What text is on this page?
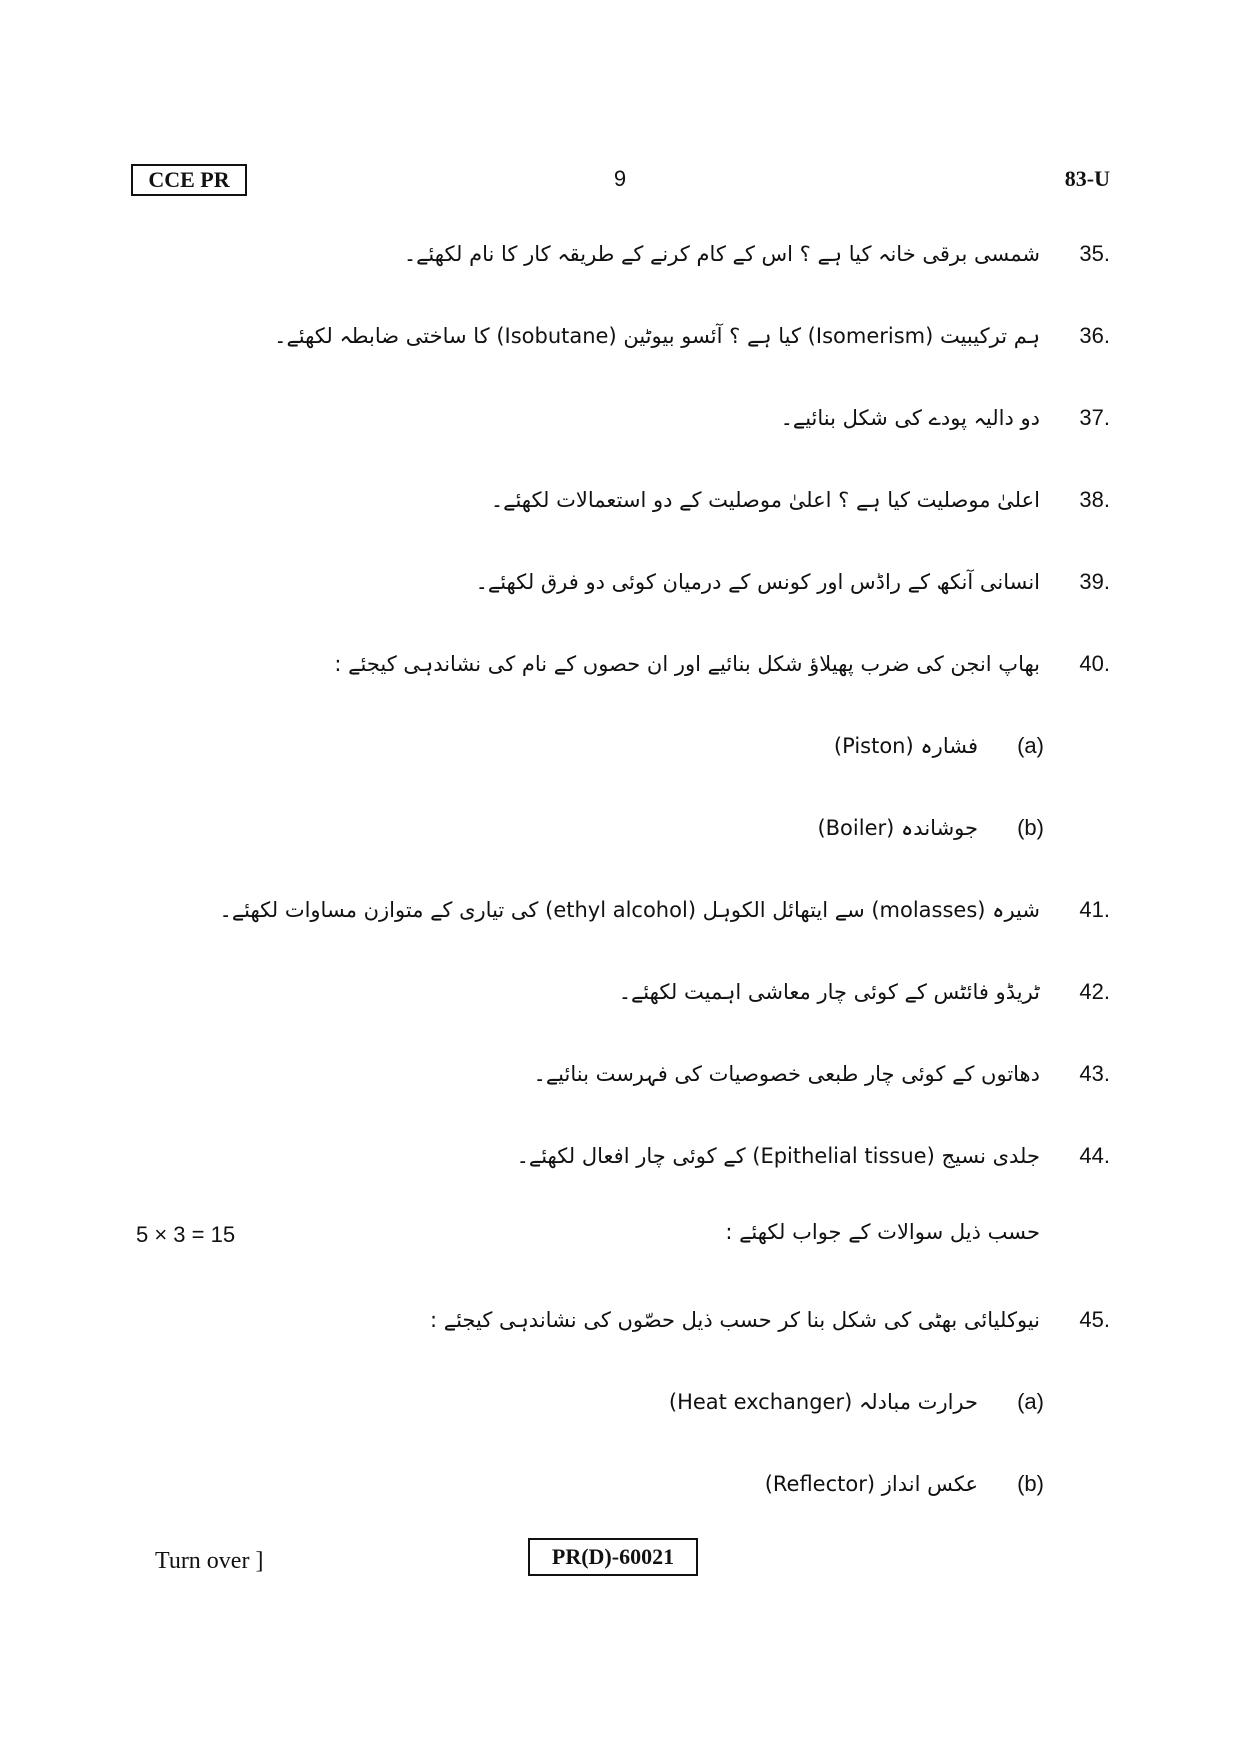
CCE PR	9	83-U
35.
شمسی برقی خانہ کیا ہے ؟ اس کے کام کرنے کے طریقہ کار کا نام لکھئے۔
36.
ہم ترکیبیت (Isomerism) کیا ہے ؟ آئسو بیوٹین (Isobutane) کا ساختی ضابطہ لکھئے۔
37.
دو دالیہ پودے کی شکل بنائیے۔
38.
اعلیٰ موصلیت کیا ہے ؟ اعلیٰ موصلیت کے دو استعمالات لکھئے۔
39.
انسانی آنکھ کے راڈس اور کونس کے درمیان کوئی دو فرق لکھئے۔
40.
بھاپ انجن کی ضرب پھیلاؤ شکل بنائیے اور ان حصوں کے نام کی نشاندہی کیجئے :
(a)
فشارہ (Piston)
(b)
جوشاندہ (Boiler)
41.
شیرہ (molasses) سے ایتھائل الکوہل (ethyl alcohol) کی تیاری کے متوازن مساوات لکھئے۔
42.
ٹریڈو فائٹس کے کوئی چار معاشی اہمیت لکھئے۔
43.
دھاتوں کے کوئی چار طبعی خصوصیات کی فہرست بنائیے۔
44.
جلدی نسیج (Epithelial tissue) کے کوئی چار افعال لکھئے۔
5 × 3 = 15	حسب ذیل سوالات کے جواب لکھئے :
45.
نیوکلیائی بھٹی کی شکل بنا کر حسب ذیل حصّوں کی نشاندہی کیجئے :
(a)
حرارت مبادلہ (Heat exchanger)
(b)
عکس انداز (Reflector)
Turn over ]	PR(D)-60021
